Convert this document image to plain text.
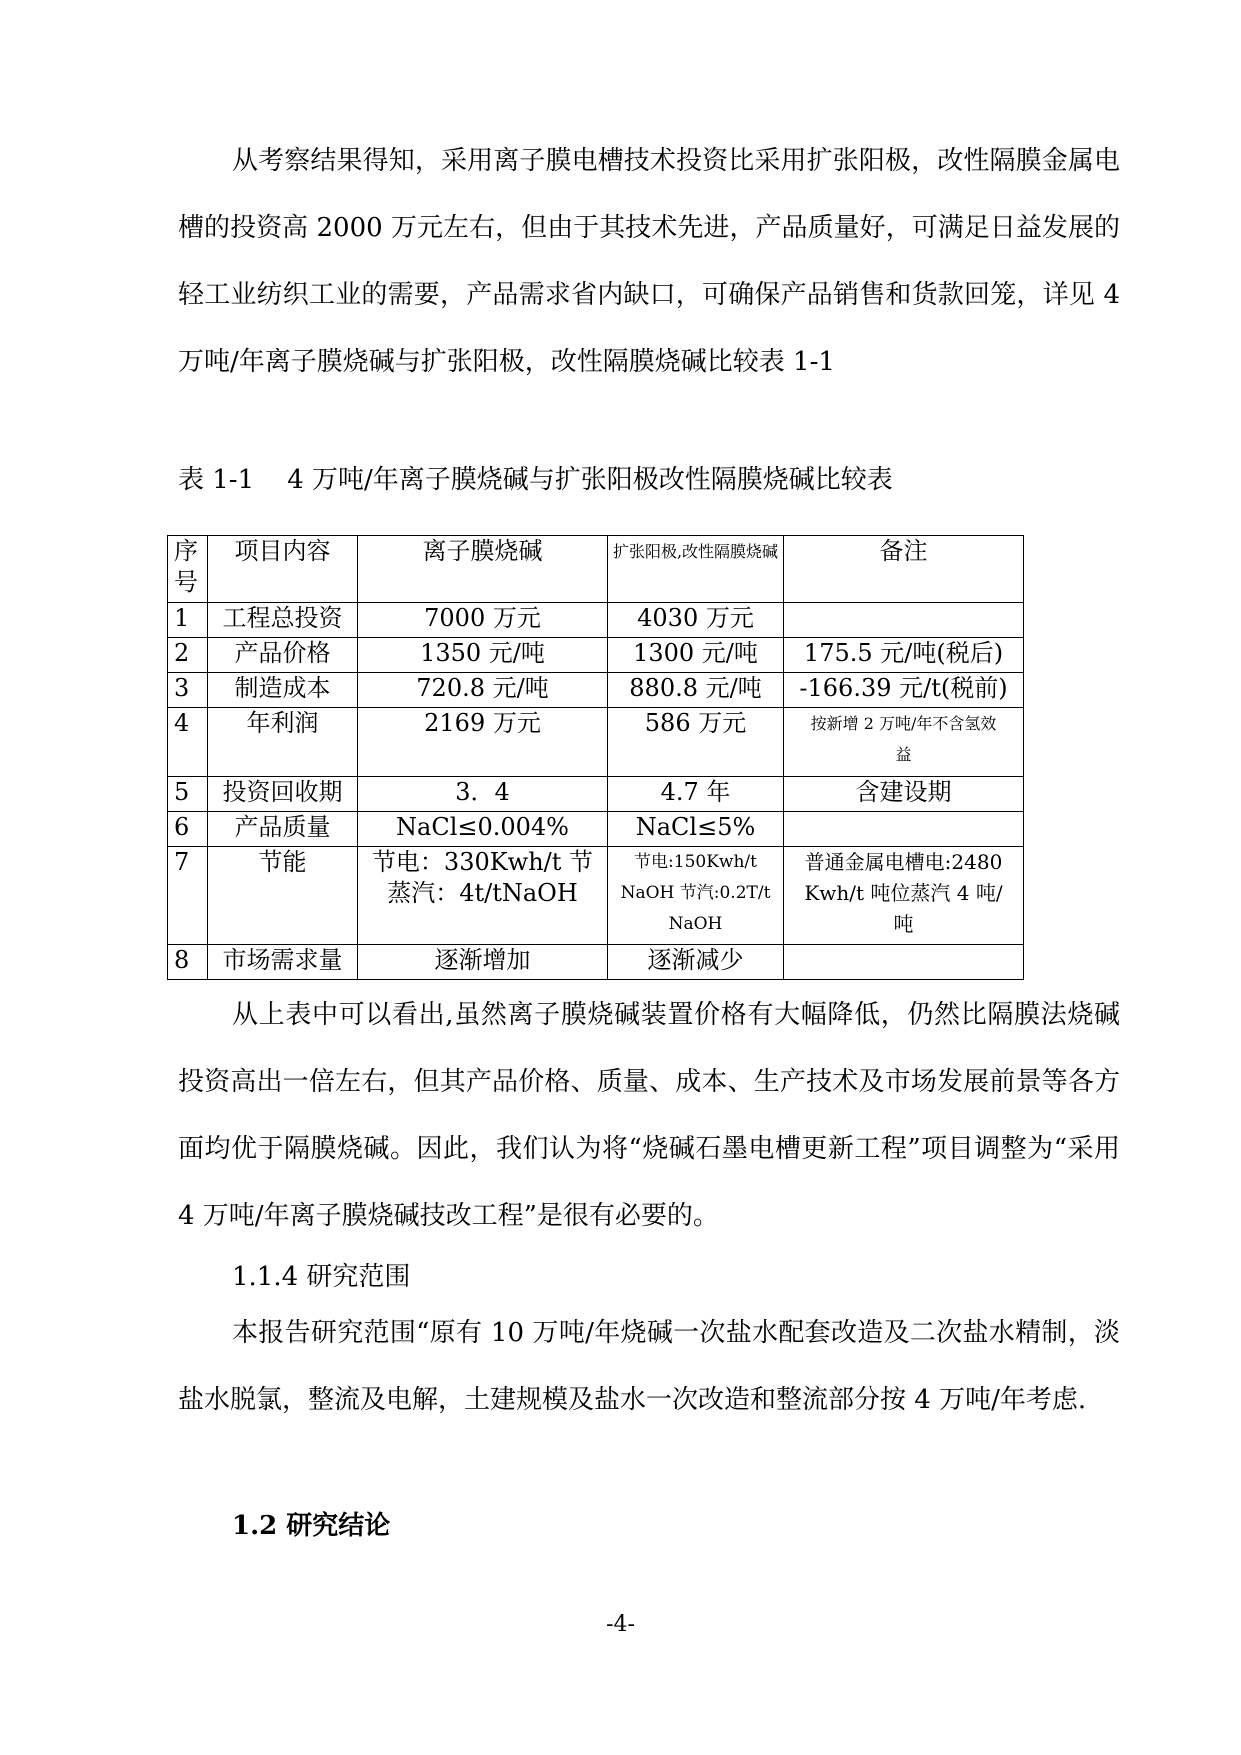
从考察结果得知，采用离子膜电槽技术投资比采用扩张阳极，改性隔膜金属电槽的投资高 2000 万元左右，但由于其技术先进，产品质量好，可满足日益发展的轻工业纺织工业的需要，产品需求省内缺口，可确保产品销售和货款回笼，详见 4 万吨/年离子膜烧碱与扩张阳极，改性隔膜烧碱比较表 1-1

表 1-1    4 万吨/年离子膜烧碱与扩张阳极改性隔膜烧碱比较表

序号	项目内容	离子膜烧碱	扩张阳极,改性隔膜烧碱	备注
1	工程总投资	7000 万元	4030 万元	
2	产品价格	1350 元/吨	1300 元/吨	175.5 元/吨(税后)
3	制造成本	720.8 元/吨	880.8 元/吨	-166.39 元/t(税前)
4	年利润	2169 万元	586 万元	按新增 2 万吨/年不含氢效益
5	投资回收期	3．4	4.7 年	含建设期
6	产品质量	NaCl≤0.004%	NaCl≤5%	
7	节能	节电：330Kwh/t 节蒸汽：4t/tNaOH	节电:150Kwh/t NaOH 节汽:0.2T/t NaOH	普通金属电槽电:2480 Kwh/t 吨位蒸汽 4 吨/吨
8	市场需求量	逐渐增加	逐渐减少	

从上表中可以看出,虽然离子膜烧碱装置价格有大幅降低，仍然比隔膜法烧碱投资高出一倍左右，但其产品价格、质量、成本、生产技术及市场发展前景等各方面均优于隔膜烧碱。因此，我们认为将“烧碱石墨电槽更新工程”项目调整为“采用 4 万吨/年离子膜烧碱技改工程”是很有必要的。

1.1.4 研究范围

本报告研究范围“原有 10 万吨/年烧碱一次盐水配套改造及二次盐水精制，淡盐水脱氯，整流及电解，土建规模及盐水一次改造和整流部分按 4 万吨/年考虑.

1.2 研究结论

-4-
